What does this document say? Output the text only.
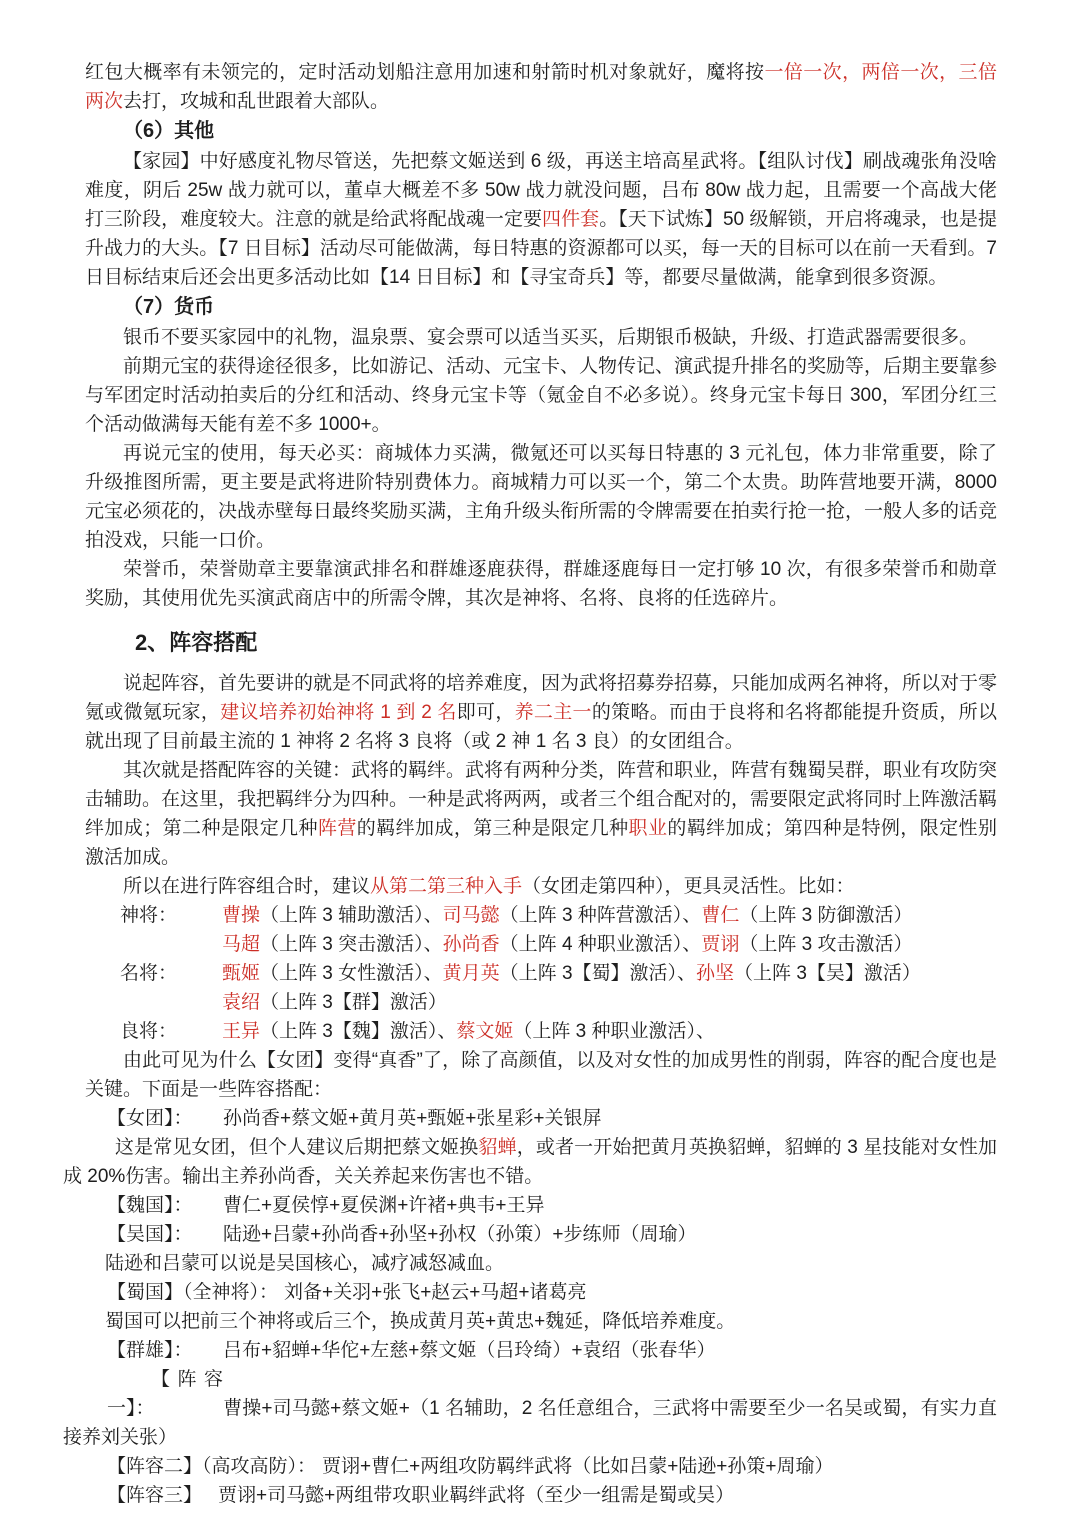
红包大概率有未领完的，定时活动划船注意用加速和射箭时机对象就好，魔将按一倍一次，两倍一次，三倍两次去打，攻城和乱世跟着大部队。

（6）其他

【家园】中好感度礼物尽管送，先把蔡文姬送到 6 级，再送主培高星武将。【组队讨伐】刷战魂张角没啥难度，阴后 25w 战力就可以，董卓大概差不多 50w 战力就没问题，吕布 80w 战力起，且需要一个高战大佬打三阶段，难度较大。注意的就是给武将配战魂一定要四件套。【天下试炼】50 级解锁，开启将魂录，也是提升战力的大头。【7 日目标】活动尽可能做满，每日特惠的资源都可以买，每一天的目标可以在前一天看到。7 日目标结束后还会出更多活动比如【14 日目标】和【寻宝奇兵】等，都要尽量做满，能拿到很多资源。

（7）货币

银币不要买家园中的礼物，温泉票、宴会票可以适当买买，后期银币极缺，升级、打造武器需要很多。

前期元宝的获得途径很多，比如游记、活动、元宝卡、人物传记、演武提升排名的奖励等，后期主要靠参与军团定时活动拍卖后的分红和活动、终身元宝卡等（氪金自不必多说）。终身元宝卡每日 300，军团分红三个活动做满每天能有差不多 1000+。

再说元宝的使用，每天必买：商城体力买满，微氪还可以买每日特惠的 3 元礼包，体力非常重要，除了升级推图所需，更主要是武将进阶特别费体力。商城精力可以买一个，第二个太贵。助阵营地要开满，8000 元宝必须花的，决战赤壁每日最终奖励买满，主角升级头衔所需的令牌需要在拍卖行抢一抢，一般人多的话竞拍没戏，只能一口价。

荣誉币，荣誉勋章主要靠演武排名和群雄逐鹿获得，群雄逐鹿每日一定打够 10 次，有很多荣誉币和勋章奖励，其使用优先买演武商店中的所需令牌，其次是神将、名将、良将的任选碎片。

2、阵容搭配

说起阵容，首先要讲的就是不同武将的培养难度，因为武将招募券招募，只能加成两名神将，所以对于零氪或微氪玩家，建议培养初始神将 1 到 2 名即可，养二主一的策略。而由于良将和名将都能提升资质，所以就出现了目前最主流的 1 神将 2 名将 3 良将（或 2 神 1 名 3 良）的女团组合。

其次就是搭配阵容的关键：武将的羁绊。武将有两种分类，阵营和职业，阵营有魏蜀吴群，职业有攻防突击辅助。在这里，我把羁绊分为四种。一种是武将两两，或者三个组合配对的，需要限定武将同时上阵激活羁绊加成；第二种是限定几种阵营的羁绊加成，第三种是限定几种职业的羁绊加成；第四种是特例，限定性别激活加成。

所以在进行阵容组合时，建议从第二第三种入手（女团走第四种），更具灵活性。比如：

神将： 曹操（上阵 3 辅助激活）、司马懿（上阵 3 种阵营激活）、曹仁（上阵 3 防御激活）
马超（上阵 3 突击激活）、孙尚香（上阵 4 种职业激活）、贾诩（上阵 3 攻击激活）
名将： 甄姬（上阵 3 女性激活）、黄月英（上阵 3【蜀】激活）、孙坚（上阵 3【吴】激活）
袁绍（上阵 3【群】激活）
良将： 王异（上阵 3【魏】激活）、蔡文姬（上阵 3 种职业激活）、

由此可见为什么【女团】变得“真香”了，除了高颜值，以及对女性的加成男性的削弱，阵容的配合度也是关键。下面是一些阵容搭配：

【女团】： 孙尚香+蔡文姬+黄月英+甄姬+张星彩+关银屏

这是常见女团，但个人建议后期把蔡文姬换貂蝉，或者一开始把黄月英换貂蝉，貂蝉的 3 星技能对女性加成 20%伤害。输出主养孙尚香，关关养起来伤害也不错。

【魏国】： 曹仁+夏侯惇+夏侯渊+许褚+典韦+王异
【吴国】： 陆逊+吕蒙+孙尚香+孙坚+孙权（孙策）+步练师（周瑜）

陆逊和吕蒙可以说是吴国核心，减疗减怒减血。

【蜀国】（全神将）： 刘备+关羽+张飞+赵云+马超+诸葛亮

蜀国可以把前三个神将或后三个，换成黄月英+黄忠+魏延，降低培养难度。

【群雄】： 吕布+貂蝉+华佗+左慈+蔡文姬（吕玲绮）+袁绍（张春华）
【阵容一】：	曹操+司马懿+蔡文姬+（1 名辅助，2 名任意组合，三武将中需要至少一名吴或蜀，有实力直接养刘关张）
【阵容二】（高攻高防）： 贾诩+曹仁+两组攻防羁绊武将（比如吕蒙+陆逊+孙策+周瑜）
【阵容三】 贾诩+司马懿+两组带攻职业羁绊武将（至少一组需是蜀或吴）
